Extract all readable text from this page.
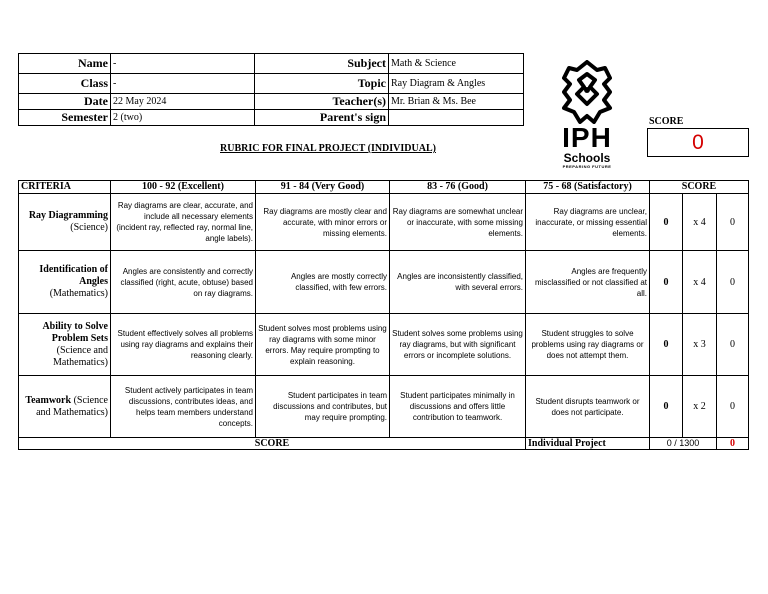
Name	-	Subject	Math & Science
Class	-	Topic	Ray Diagram & Angles
Date	22 May 2024	Teacher(s)	Mr. Brian & Ms. Bee
Semester	2 (two)	Parent's sign	
IPH
Schools
PREPARING FUTURE
SCORE
0
RUBRIC FOR FINAL PROJECT (INDIVIDUAL)
CRITERIA	100 - 92 (Excellent)	91 - 84 (Very Good)	83 - 76 (Good)	75 - 68 (Satisfactory)	SCORE		
Ray Diagramming
(Science)	Ray diagrams are clear, accurate, and include all necessary elements (incident ray, reflected ray, normal line, angle labels).	Ray diagrams are mostly clear and accurate, with minor errors or missing elements.	Ray diagrams are somewhat unclear or inaccurate, with some missing elements.	Ray diagrams are unclear, inaccurate, or missing essential elements.	0	x 4	0
Identification of Angles
(Mathematics)	Angles are consistently and correctly classified (right, acute, obtuse) based on ray diagrams.	Angles are mostly correctly classified, with few errors.	Angles are inconsistently classified, with several errors.	Angles are frequently misclassified or not classified at all.	0	x 4	0
Ability to Solve Problem Sets
(Science and Mathematics)	Student effectively solves all problems using ray diagrams and explains their reasoning clearly.	Student solves most problems using ray diagrams with some minor errors. May require prompting to explain reasoning.	Student solves some problems using ray diagrams, but with significant errors or incomplete solutions.	Student struggles to solve problems using ray diagrams or does not attempt them.	0	x 3	0
Teamwork (Science and Mathematics)	Student actively participates in team discussions, contributes ideas, and helps team members understand concepts.	Student participates in team discussions and contributes, but may require prompting.	Student participates minimally in discussions and offers little contribution to teamwork.	Student disrupts teamwork or does not participate.	0	x 2	0
SCORE				Individual Project	0 / 1300		0
